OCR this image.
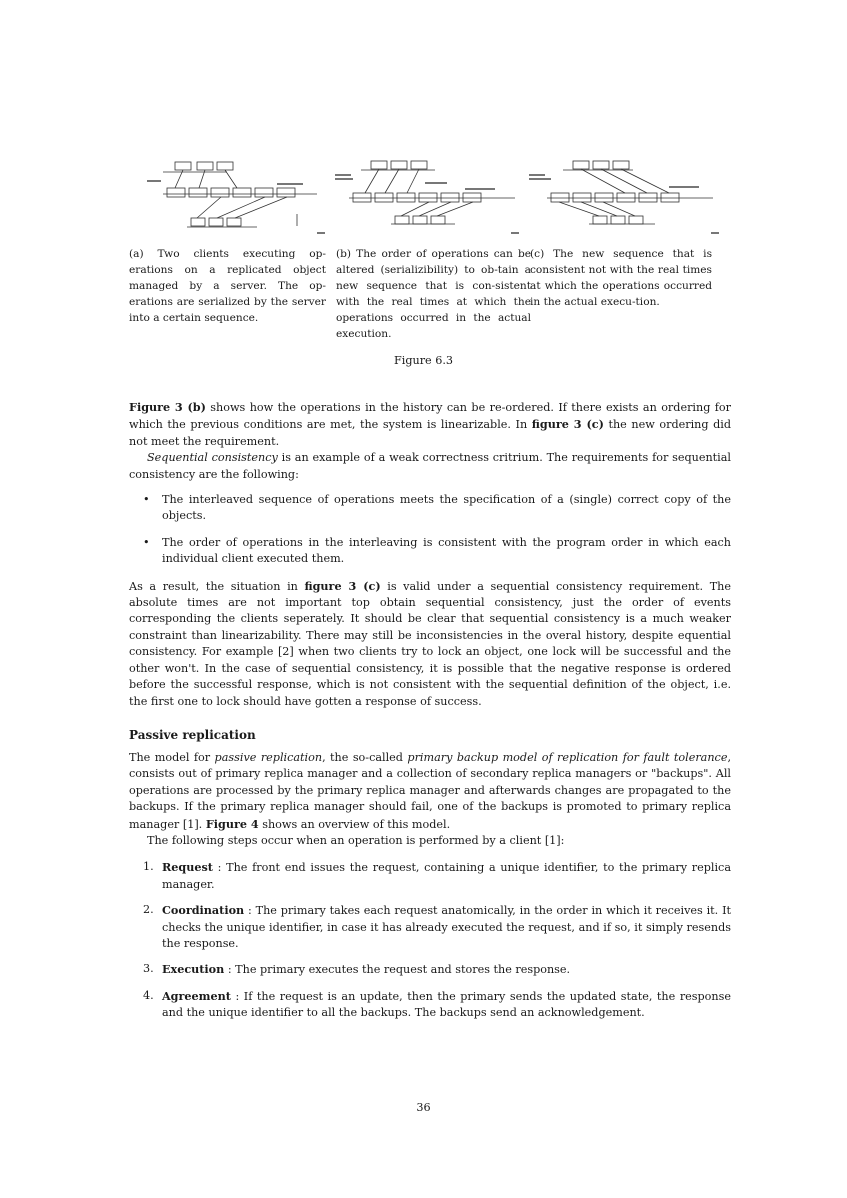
(a) Two clients executing op-erations on a replicated object managed by a server. The op-erations are serialized by the server into a certain sequence.
(b) The order of operations can be altered (serializibility) to ob-tain a new sequence that is con-sistent with the real times at which the operations occurred in the actual execution.
(c) The new sequence that is consistent not with the real times at which the operations occurred in the actual execu-tion.
Figure 6.3

Figure 3 (b) shows how the operations in the history can be re-ordered. If there exists an ordering for which the previous conditions are met, the system is linearizable. In figure 3 (c) the new ordering did not meet the requirement.

Sequential consistency is an example of a weak correctness critrium. The requirements for sequential consistency are the following:

• The interleaved sequence of operations meets the specification of a (single) correct copy of the objects.
• The order of operations in the interleaving is consistent with the program order in which each individual client executed them.

As a result, the situation in figure 3 (c) is valid under a sequential consistency requirement. The absolute times are not important top obtain sequential consistency, just the order of events corresponding the clients seperately. It should be clear that sequential consistency is a much weaker constraint than linearizability. There may still be inconsistencies in the overal history, despite equential consistency. For example [2] when two clients try to lock an object, one lock will be successful and the other won't. In the case of sequential consistency, it is possible that the negative response is ordered before the successful response, which is not consistent with the sequential definition of the object, i.e. the first one to lock should have gotten a response of success.

Passive replication

The model for passive replication, the so-called primary backup model of replication for fault tolerance, consists out of primary replica manager and a collection of secondary replica managers or "backups". All operations are processed by the primary replica manager and afterwards changes are propagated to the backups. If the primary replica manager should fail, one of the backups is promoted to primary replica manager [1]. Figure 4 shows an overview of this model.

The following steps occur when an operation is performed by a client [1]:

1. Request : The front end issues the request, containing a unique identifier, to the primary replica manager.
2. Coordination : The primary takes each request anatomically, in the order in which it receives it. It checks the unique identifier, in case it has already executed the request, and if so, it simply resends the response.
3. Execution : The primary executes the request and stores the response.
4. Agreement : If the request is an update, then the primary sends the updated state, the response and the unique identifier to all the backups. The backups send an acknowledgement.
36
